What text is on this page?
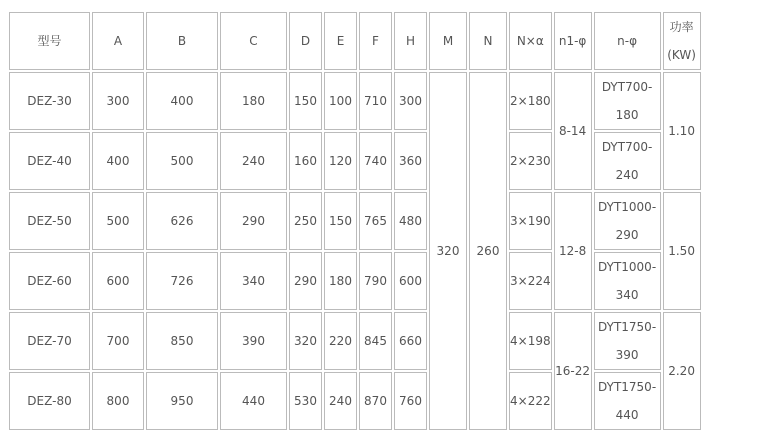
型号	A	B	C	D	E	F	H	M	N	N×α	n1-φ	n-φ	功率
(KW)
DEZ-30	300	400	180	150	100	710	300	320	260	2×180	8-14	DYT700-
180	1.10
DEZ-40	400	500	240	160	120	740	360			2×230		DYT700-
240	
DEZ-50	500	626	290	250	150	765	480			3×190	12-8	DYT1000-
290	1.50
DEZ-60	600	726	340	290	180	790	600			3×224		DYT1000-
340	
DEZ-70	700	850	390	320	220	845	660			4×198	16-22	DYT1750-
390	2.20
DEZ-80	800	950	440	530	240	870	760			4×222		DYT1750-
440	
